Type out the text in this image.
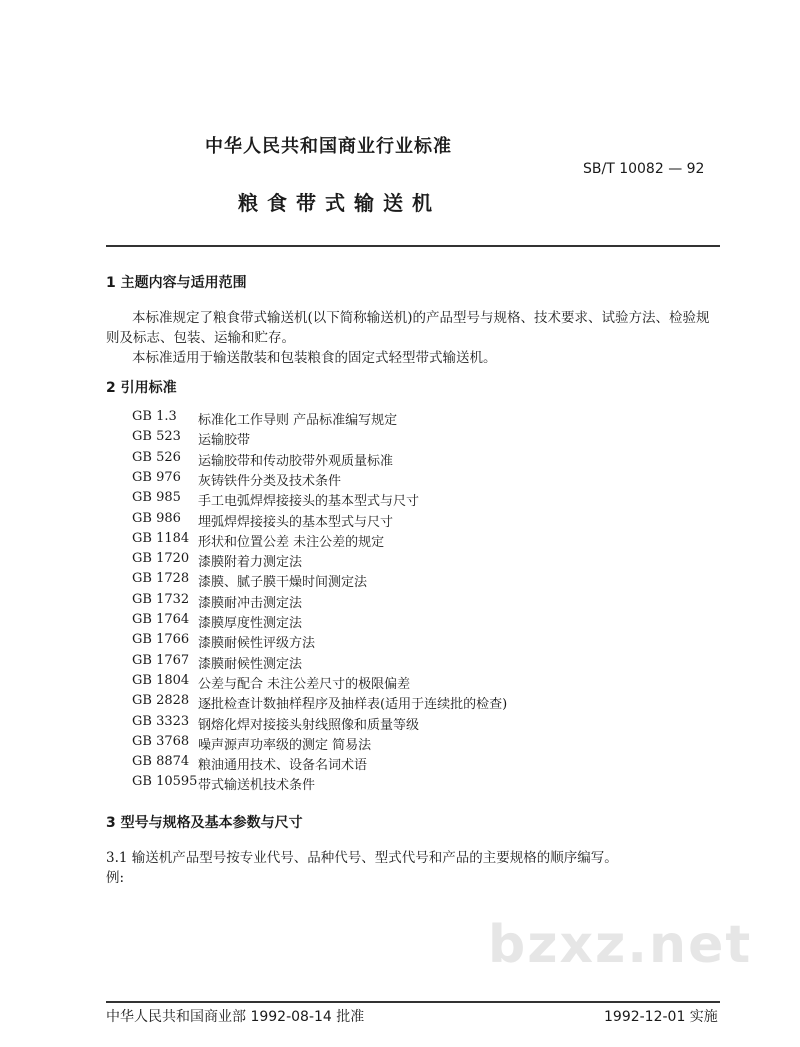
中华人民共和国商业行业标准
SB/T 10082 — 92
粮食带式输送机
1 主题内容与适用范围
本标准规定了粮食带式输送机(以下简称输送机)的产品型号与规格、技术要求、试验方法、检验规
则及标志、包装、运输和贮存。
本标准适用于输送散装和包装粮食的固定式轻型带式输送机。
2 引用标准
GB 1.3 标准化工作导则 产品标准编写规定
GB 523 运输胶带
GB 526 运输胶带和传动胶带外观质量标准
GB 976 灰铸铁件分类及技术条件
GB 985 手工电弧焊焊接接头的基本型式与尺寸
GB 986 埋弧焊焊接接头的基本型式与尺寸
GB 1184 形状和位置公差 未注公差的规定
GB 1720 漆膜附着力测定法
GB 1728 漆膜、腻子膜干燥时间测定法
GB 1732 漆膜耐冲击测定法
GB 1764 漆膜厚度性测定法
GB 1766 漆膜耐候性评级方法
GB 1767 漆膜耐候性测定法
GB 1804 公差与配合 未注公差尺寸的极限偏差
GB 2828 逐批检查计数抽样程序及抽样表(适用于连续批的检查)
GB 3323 钢熔化焊对接接头射线照像和质量等级
GB 3768 噪声源声功率级的测定 简易法
GB 8874 粮油通用技术、设备名词术语
GB 10595 带式输送机技术条件
3 型号与规格及基本参数与尺寸
3.1 输送机产品型号按专业代号、品种代号、型式代号和产品的主要规格的顺序编写。
例:
bzxz.net
中华人民共和国商业部 1992-08-14 批准	1992-12-01 实施
